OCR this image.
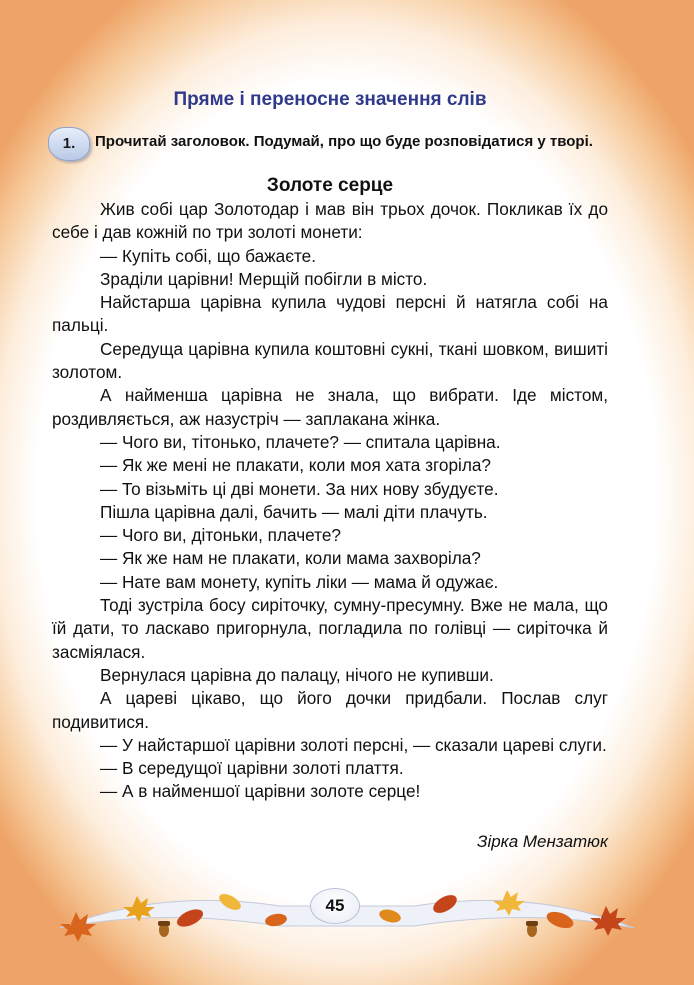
Пряме і переносне значення слів
1.	Прочитай заголовок. Подумай, про що буде розповідатися у творі.
Золоте серце

Жив собі цар Золотодар і мав він трьох дочок. Покликав їх до себе і дав кожній по три золоті монети:

— Купіть собі, що бажаєте.

Зраділи царівни! Мерщій побігли в місто.

Найстарша царівна купила чудові персні й натягла собі на пальці.

Середуща царівна купила коштовні сукні, ткані шовком, вишиті золотом.

А найменша царівна не знала, що вибрати. Іде містом, роздивляється, аж назустріч — заплакана жінка.

— Чого ви, тітонько, плачете? — спитала царівна.

— Як же мені не плакати, коли моя хата згоріла?

— То візьміть ці дві монети. За них нову збудуєте.

Пішла царівна далі, бачить — малі діти плачуть.

— Чого ви, дітоньки, плачете?

— Як же нам не плакати, коли мама захворіла?

— Нате вам монету, купіть ліки — мама й одужає.

Тоді зустріла босу сиріточку, сумну-пресумну. Вже не мала, що їй дати, то ласкаво пригорнула, погладила по голівці — сиріточка й засміялася.

Вернулася царівна до палацу, нічого не купивши.

А цареві цікаво, що його дочки придбали. Послав слуг подивитися.

— У найстаршої царівни золоті персні, — сказали цареві слуги.

— В середущої царівни золоті плаття.

— А в найменшої царівни золоте серце!

Зірка Мензатюк
45
